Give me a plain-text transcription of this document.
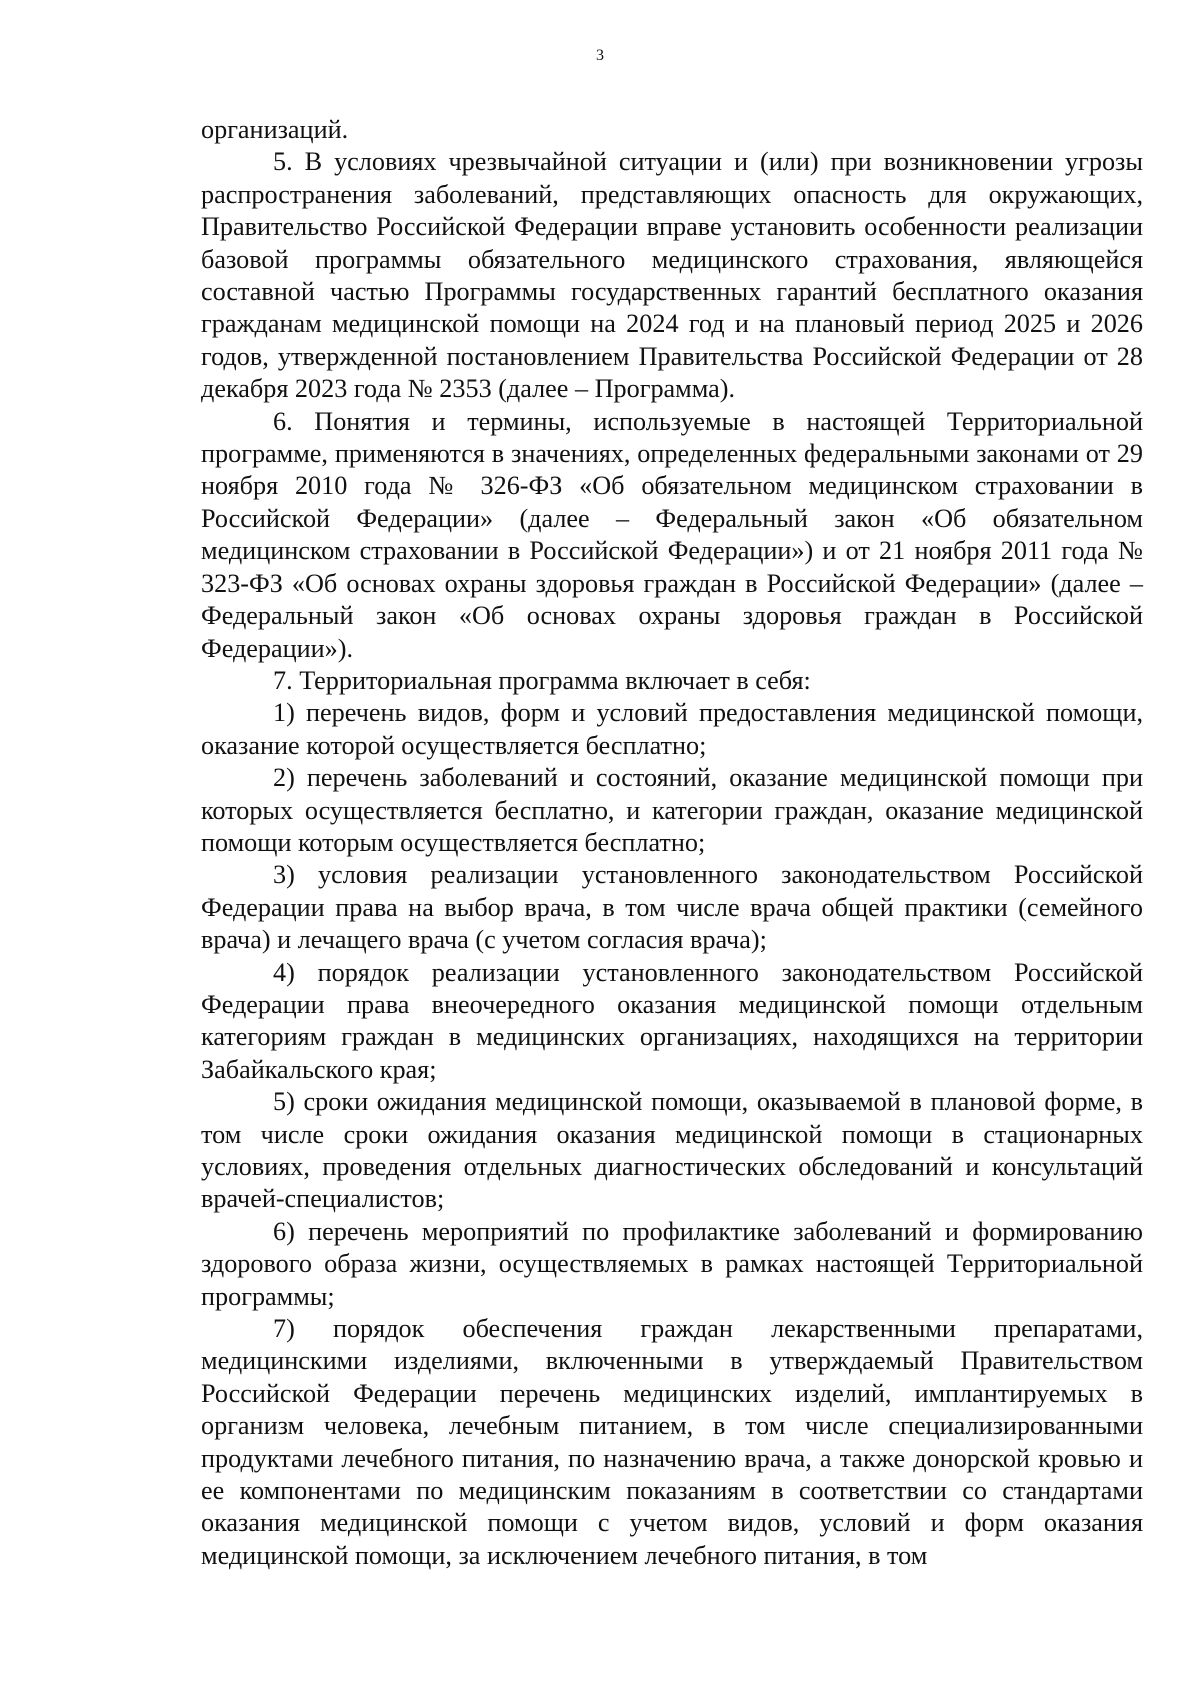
3

организаций.

5. В условиях чрезвычайной ситуации и (или) при возникновении угрозы распространения заболеваний, представляющих опасность для окружающих, Правительство Российской Федерации вправе установить особенности реализации базовой программы обязательного медицинского страхования, являющейся составной частью Программы государственных гарантий бесплатного оказания гражданам медицинской помощи на 2024 год и на плановый период 2025 и 2026 годов, утвержденной постановлением Правительства Российской Федерации от 28 декабря 2023 года № 2353 (далее – Программа).

6. Понятия и термины, используемые в настоящей Территориальной программе, применяются в значениях, определенных федеральными законами от 29 ноября 2010 года № 326-ФЗ «Об обязательном медицинском страховании в Российской Федерации» (далее – Федеральный закон «Об обязательном медицинском страховании в Российской Федерации») и от 21 ноября 2011 года № 323-ФЗ «Об основах охраны здоровья граждан в Российской Федерации» (далее – Федеральный закон «Об основах охраны здоровья граждан в Российской Федерации»).

7. Территориальная программа включает в себя:

1) перечень видов, форм и условий предоставления медицинской помощи, оказание которой осуществляется бесплатно;

2) перечень заболеваний и состояний, оказание медицинской помощи при которых осуществляется бесплатно, и категории граждан, оказание медицинской помощи которым осуществляется бесплатно;

3) условия реализации установленного законодательством Российской Федерации права на выбор врача, в том числе врача общей практики (семейного врача) и лечащего врача (с учетом согласия врача);

4) порядок реализации установленного законодательством Российской Федерации права внеочередного оказания медицинской помощи отдельным категориям граждан в медицинских организациях, находящихся на территории Забайкальского края;

5) сроки ожидания медицинской помощи, оказываемой в плановой форме, в том числе сроки ожидания оказания медицинской помощи в стационарных условиях, проведения отдельных диагностических обследований и консультаций врачей-специалистов;

6) перечень мероприятий по профилактике заболеваний и формированию здорового образа жизни, осуществляемых в рамках настоящей Территориальной программы;

7) порядок обеспечения граждан лекарственными препаратами, медицинскими изделиями, включенными в утверждаемый Правительством Российской Федерации перечень медицинских изделий, имплантируемых в организм человека, лечебным питанием, в том числе специализированными продуктами лечебного питания, по назначению врача, а также донорской кровью и ее компонентами по медицинским показаниям в соответствии со стандартами оказания медицинской помощи с учетом видов, условий и форм оказания медицинской помощи, за исключением лечебного питания, в том
